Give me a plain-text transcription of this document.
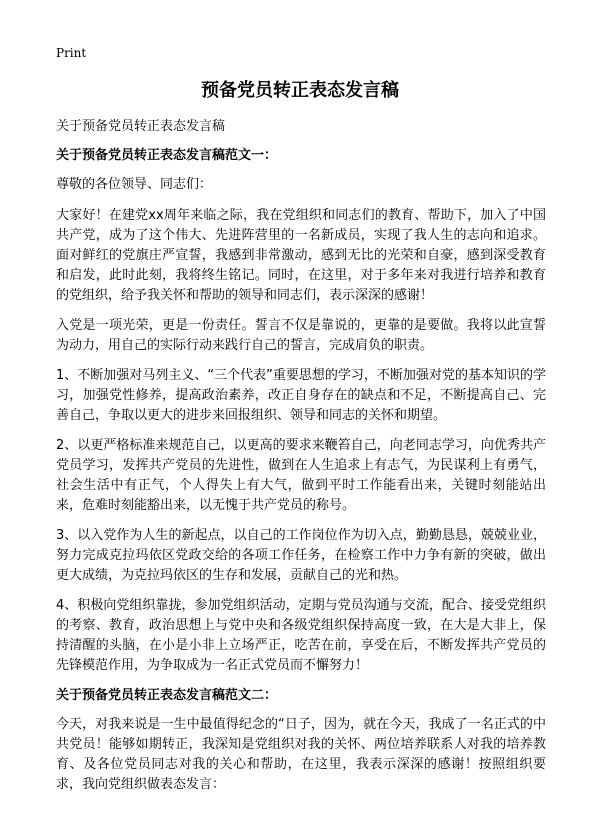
Print
预备党员转正表态发言稿

关于预备党员转正表态发言稿

关于预备党员转正表态发言稿范文一：

尊敬的各位领导、同志们：

大家好！在建党xx周年来临之际，我在党组织和同志们的教育、帮助下，加入了中国共产党，成为了这个伟大、先进阵营里的一名新成员，实现了我人生的志向和追求。面对鲜红的党旗庄严宣誓，我感到非常激动，感到无比的光荣和自豪，感到深受教育和启发，此时此刻，我将终生铭记。同时，在这里，对于多年来对我进行培养和教育的党组织，给予我关怀和帮助的领导和同志们，表示深深的感谢！

入党是一项光荣，更是一份责任。誓言不仅是靠说的，更靠的是要做。我将以此宣誓为动力，用自己的实际行动来践行自己的誓言，完成肩负的职责。

1、不断加强对马列主义、“三个代表”重要思想的学习，不断加强对党的基本知识的学习，加强党性修养，提高政治素养，改正自身存在的缺点和不足，不断提高自己、完善自己，争取以更大的进步来回报组织、领导和同志的关怀和期望。

2、以更严格标准来规范自己，以更高的要求来鞭笞自己，向老同志学习，向优秀共产党员学习，发挥共产党员的先进性，做到在人生追求上有志气，为民谋利上有勇气，社会生活中有正气，个人得失上有大气，做到平时工作能看出来，关键时刻能站出来，危难时刻能豁出来，以无愧于共产党员的称号。

3、以入党作为人生的新起点，以自己的工作岗位作为切入点，勤勤恳恳，兢兢业业，努力完成克拉玛依区党政交给的各项工作任务，在检察工作中力争有新的突破，做出更大成绩，为克拉玛依区的生存和发展，贡献自己的光和热。

4、积极向党组织靠拢，参加党组织活动，定期与党员沟通与交流，配合、接受党组织的考察、教育，政治思想上与党中央和各级党组织保持高度一致，在大是大非上，保持清醒的头脑，在小是小非上立场严正，吃苦在前，享受在后，不断发挥共产党员的先锋模范作用，为争取成为一名正式党员而不懈努力！

关于预备党员转正表态发言稿范文二：

今天，对我来说是一生中最值得纪念的“日子，因为，就在今天，我成了一名正式的中共党员！能够如期转正，我深知是党组织对我的关怀、两位培养联系人对我的培养教育、及各位党员同志对我的关心和帮助，在这里，我表示深深的感谢！按照组织要求，我向党组织做表态发言：
